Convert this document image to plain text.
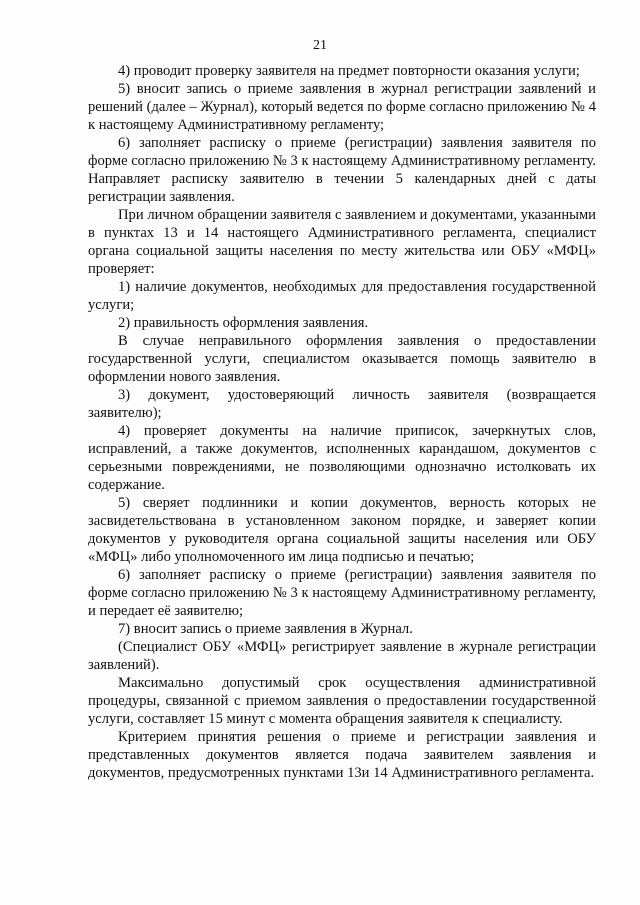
21

4) проводит проверку заявителя на предмет повторности оказания услуги;

5) вносит запись о приеме заявления в журнал регистрации заявлений и решений (далее – Журнал), который ведется по форме согласно приложению № 4 к настоящему Административному регламенту;

6) заполняет расписку о приеме (регистрации) заявления заявителя по форме согласно приложению № 3 к настоящему Административному регламенту. Направляет расписку заявителю в течении 5 календарных дней с даты регистрации заявления.

При личном обращении заявителя с заявлением и документами, указанными в пунктах 13 и 14 настоящего Административного регламента, специалист органа социальной защиты населения по месту жительства или ОБУ «МФЦ» проверяет:

1) наличие документов, необходимых для предоставления государственной услуги;

2) правильность оформления заявления.

В случае неправильного оформления заявления о предоставлении государственной услуги, специалистом оказывается помощь заявителю в оформлении нового заявления.

3) документ, удостоверяющий личность заявителя (возвращается заявителю);

4) проверяет документы на наличие приписок, зачеркнутых слов, исправлений, а также документов, исполненных карандашом, документов с серьезными повреждениями, не позволяющими однозначно истолковать их содержание.

5) сверяет подлинники и копии документов, верность которых не засвидетельствована в установленном законом порядке, и заверяет копии документов у руководителя органа социальной защиты населения или ОБУ «МФЦ» либо уполномоченного им лица подписью и печатью;

6) заполняет расписку о приеме (регистрации) заявления заявителя по форме согласно приложению № 3 к настоящему Административному регламенту, и передает её заявителю;

7) вносит запись о приеме заявления в Журнал.

(Специалист ОБУ «МФЦ» регистрирует заявление в журнале регистрации заявлений).

Максимально допустимый срок осуществления административной процедуры, связанной с приемом заявления о предоставлении государственной услуги, составляет 15 минут с момента обращения заявителя к специалисту.

Критерием принятия решения о приеме и регистрации заявления и представленных документов является подача заявителем заявления и документов, предусмотренных пунктами 13и 14 Административного регламента.
